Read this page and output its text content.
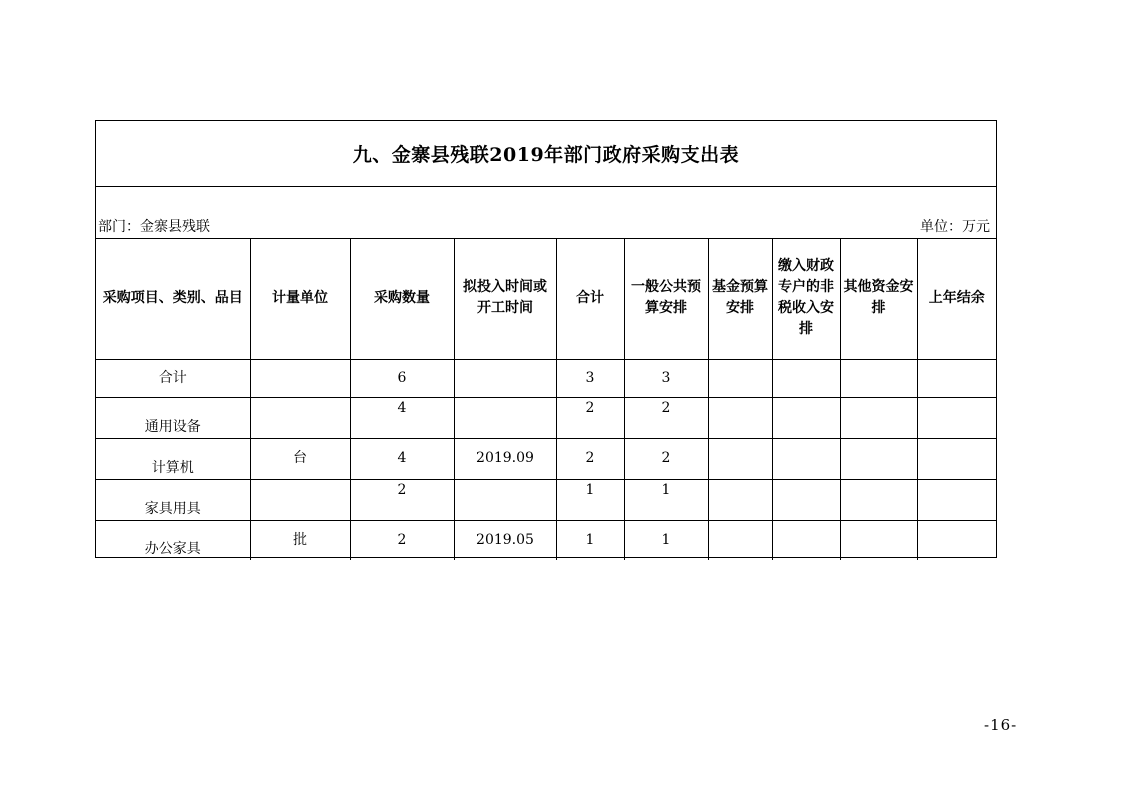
九、金寨县残联2019年部门政府采购支出表
部门：金寨县残联	单位：万元
采购项目、类别、品目	计量单位	采购数量	拟投入时间或开工时间	合计	一般公共预算安排	基金预算安排	缴入财政专户的非税收入安排	其他资金安排	上年结余
合计		6		3	3				
通用设备		4		2	2				
计算机	台	4	2019.09	2	2				
家具用具		2		1	1				
办公家具	批	2	2019.05	1	1				
-16-
